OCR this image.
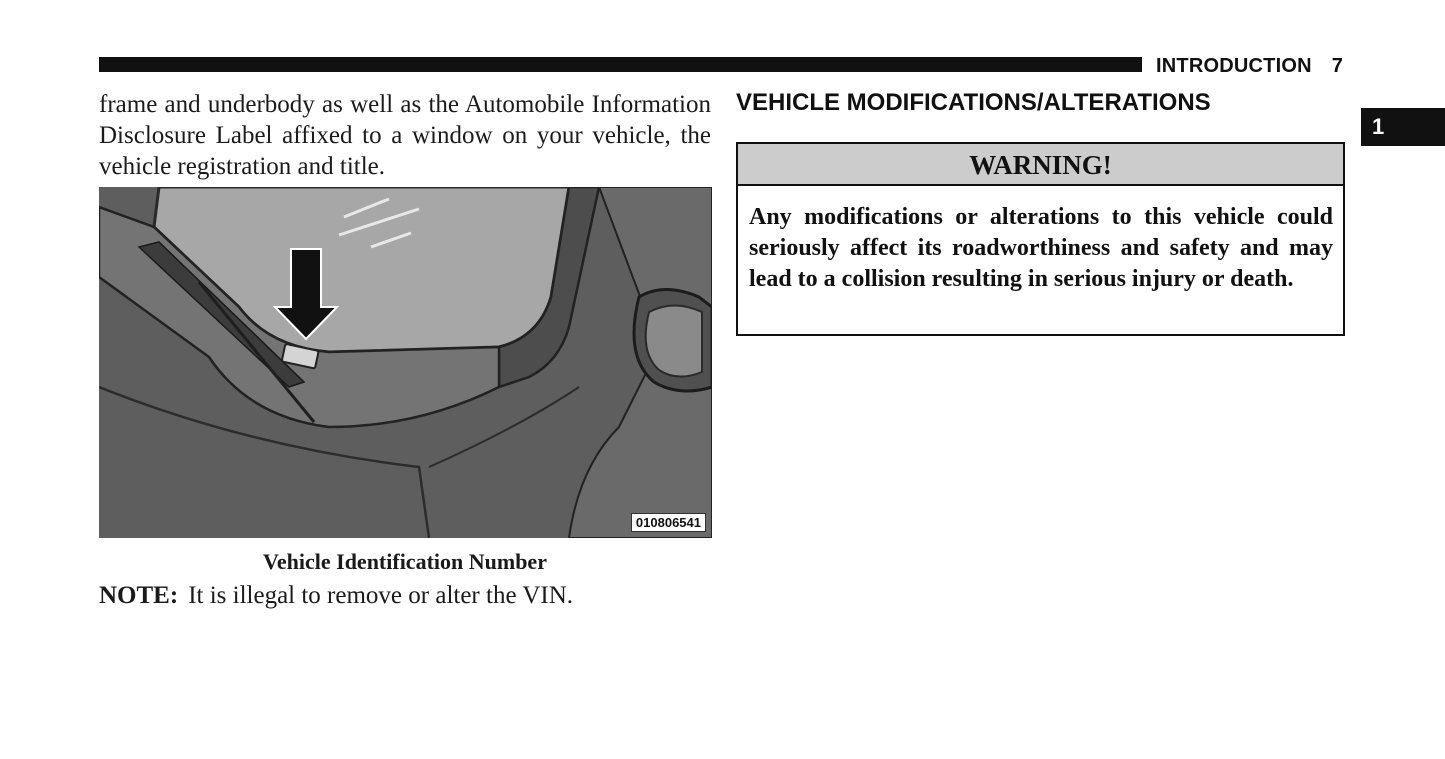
INTRODUCTION 7
1

frame and underbody as well as the Automobile Information Disclosure Label affixed to a window on your vehicle, the vehicle registration and title.

010806541
Vehicle Identification Number
NOTE: It is illegal to remove or alter the VIN.
VEHICLE MODIFICATIONS/ALTERATIONS
WARNING!
Any modifications or alterations to this vehicle could seriously affect its roadworthiness and safety and may lead to a collision resulting in serious injury or death.
